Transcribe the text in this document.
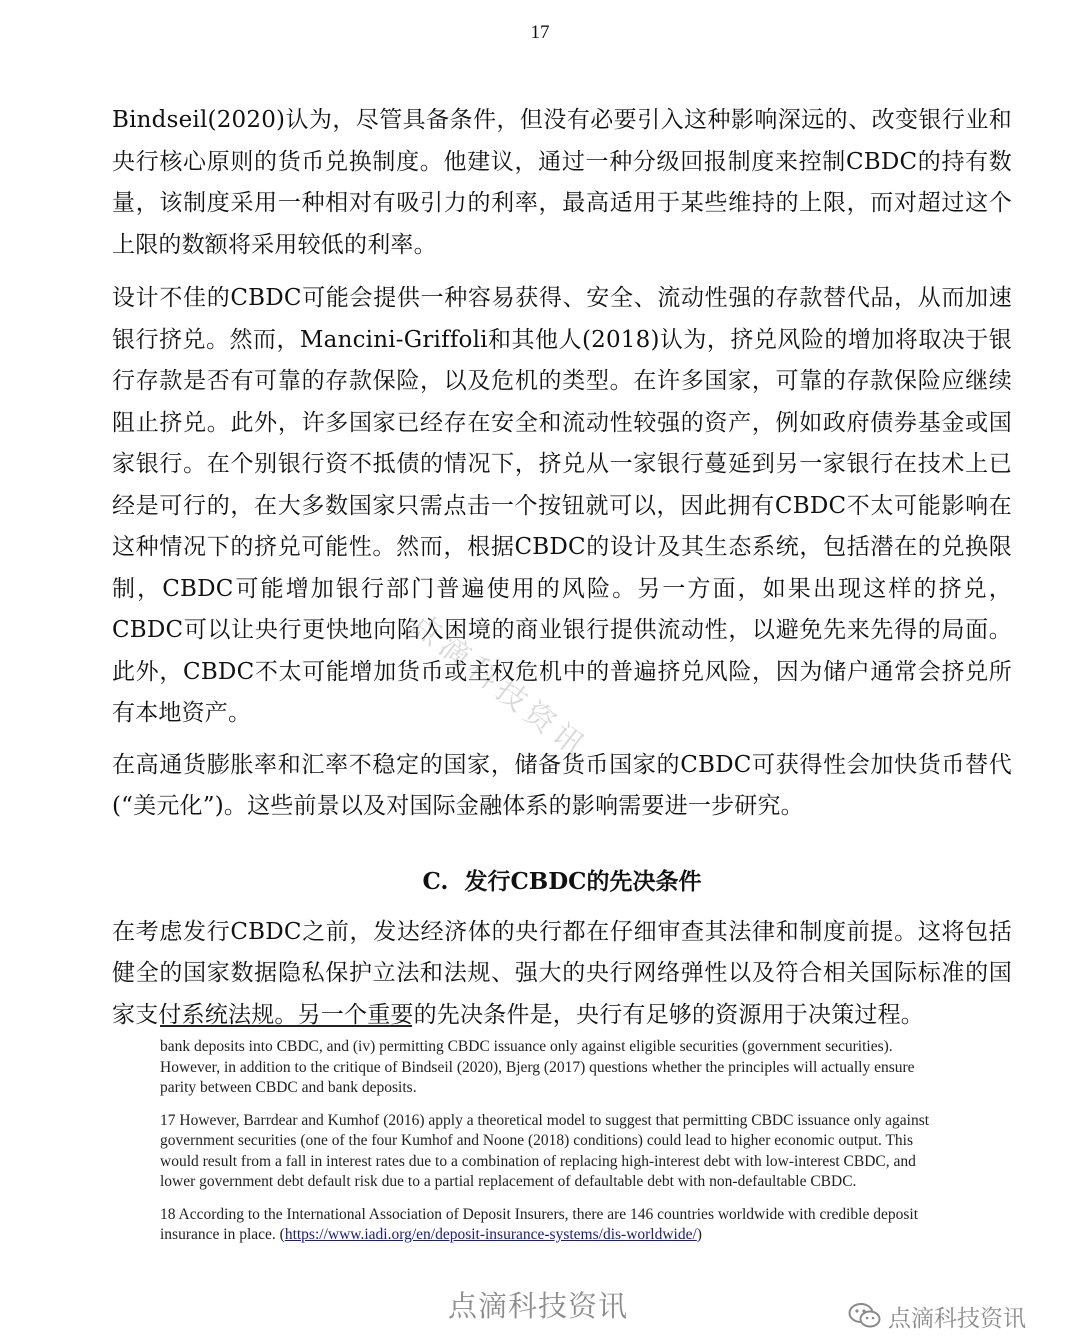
17
点滴科技资讯

Bindseil(2020)认为，尽管具备条件，但没有必要引入这种影响深远的、改变银行业和央行核心原则的货币兑换制度。他建议，通过一种分级回报制度来控制CBDC的持有数量，该制度采用一种相对有吸引力的利率，最高适用于某些维持的上限，而对超过这个上限的数额将采用较低的利率。

设计不佳的CBDC可能会提供一种容易获得、安全、流动性强的存款替代品，从而加速银行挤兑。然而，Mancini-Griffoli和其他人(2018)认为，挤兑风险的增加将取决于银行存款是否有可靠的存款保险，以及危机的类型。在许多国家，可靠的存款保险应继续阻止挤兑。此外，许多国家已经存在安全和流动性较强的资产，例如政府债券基金或国家银行。在个别银行资不抵债的情况下，挤兑从一家银行蔓延到另一家银行在技术上已经是可行的，在大多数国家只需点击一个按钮就可以，因此拥有CBDC不太可能影响在这种情况下的挤兑可能性。然而，根据CBDC的设计及其生态系统，包括潜在的兑换限制，CBDC可能增加银行部门普遍使用的风险。另一方面，如果出现这样的挤兑，CBDC可以让央行更快地向陷入困境的商业银行提供流动性，以避免先来先得的局面。此外，CBDC不太可能增加货币或主权危机中的普遍挤兑风险，因为储户通常会挤兑所有本地资产。

在高通货膨胀率和汇率不稳定的国家，储备货币国家的CBDC可获得性会加快货币替代(“美元化”)。这些前景以及对国际金融体系的影响需要进一步研究。

C. 发行CBDC的先决条件

在考虑发行CBDC之前，发达经济体的央行都在仔细审查其法律和制度前提。这将包括健全的国家数据隐私保护立法和法规、强大的央行网络弹性以及符合相关国际标准的国家支付系统法规。另一个重要的先决条件是，央行有足够的资源用于决策过程。

bank deposits into CBDC, and (iv) permitting CBDC issuance only against eligible securities (government securities). However, in addition to the critique of Bindseil (2020), Bjerg (2017) questions whether the principles will actually ensure parity between CBDC and bank deposits.

17 However, Barrdear and Kumhof (2016) apply a theoretical model to suggest that permitting CBDC issuance only against government securities (one of the four Kumhof and Noone (2018) conditions) could lead to higher economic output. This would result from a fall in interest rates due to a combination of replacing high-interest debt with low-interest CBDC, and lower government debt default risk due to a partial replacement of defaultable debt with non-defaultable CBDC.

18 According to the International Association of Deposit Insurers, there are 146 countries worldwide with credible deposit insurance in place. (https://www.iadi.org/en/deposit-insurance-systems/dis-worldwide/)

点滴科技资讯	点滴科技资讯
